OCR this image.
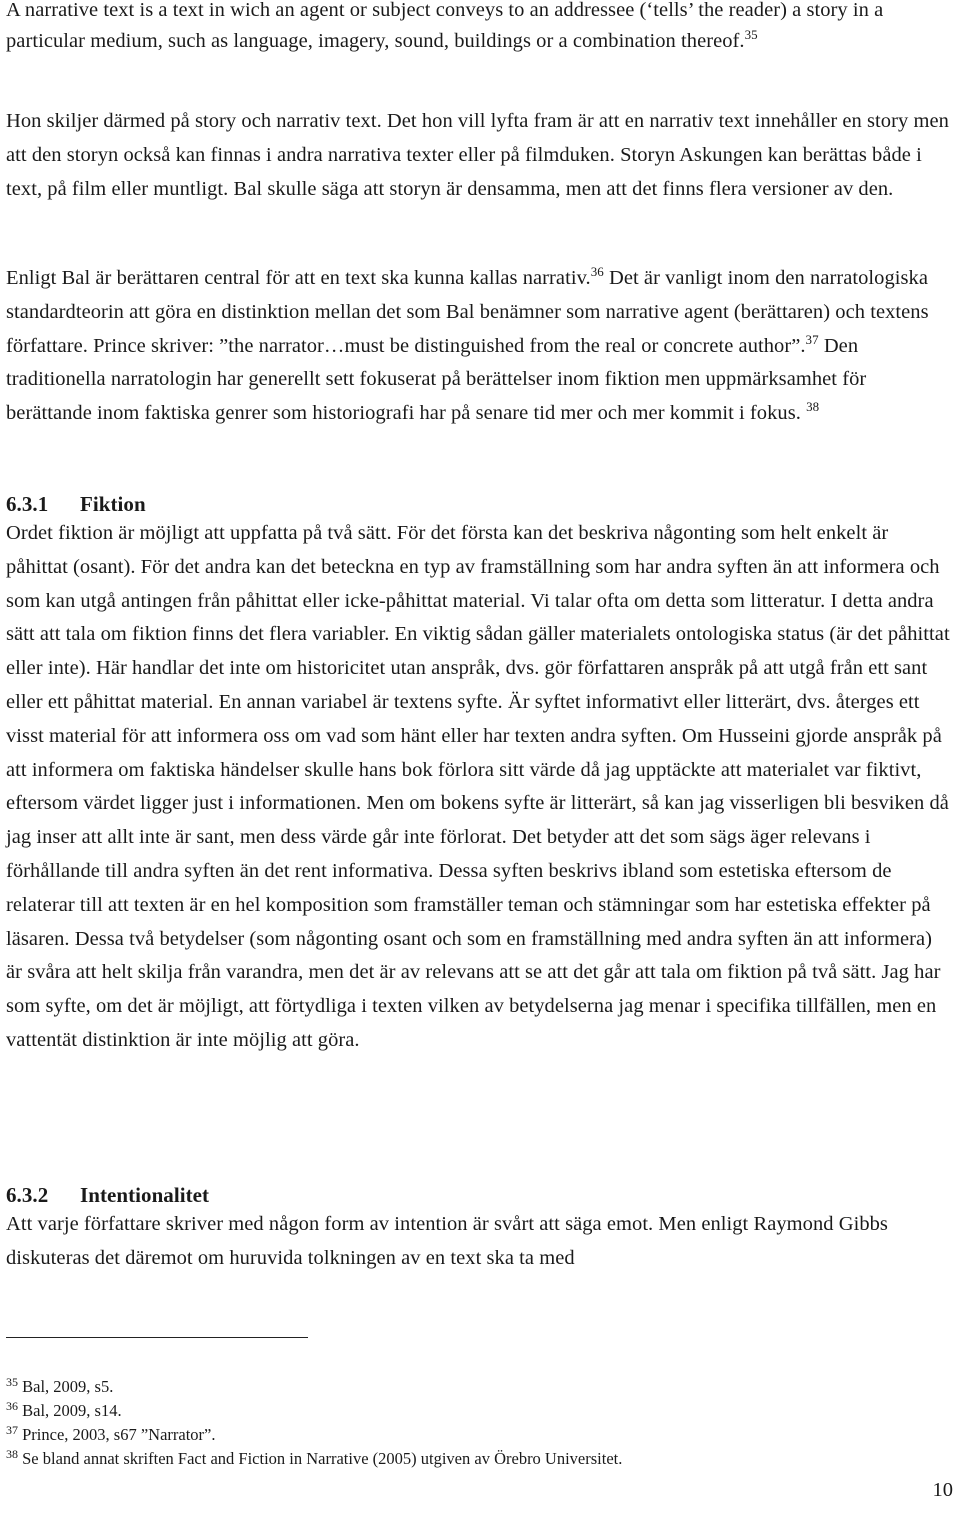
A narrative text is a text in wich an agent or subject conveys to an addressee (‘tells’ the reader) a story in a particular medium, such as language, imagery, sound, buildings or a combination thereof.$^{35}$

Hon skiljer därmed på story och narrativ text. Det hon vill lyfta fram är att en narrativ text innehåller en story men att den storyn också kan finnas i andra narrativa texter eller på filmduken. Storyn Askungen kan berättas både i text, på film eller muntligt. Bal skulle säga att storyn är densamma, men att det finns flera versioner av den.

Enligt Bal är berättaren central för att en text ska kunna kallas narrativ.$^{36}$ Det är vanligt inom den narratologiska standardteorin att göra en distinktion mellan det som Bal benämner som narrative agent (berättaren) och textens författare. Prince skriver: ”the narrator…must be distinguished from the real or concrete author”.$^{37}$ Den traditionella narratologin har generellt sett fokuserat på berättelser inom fiktion men uppmärksamhet för berättande inom faktiska genrer som historiografi har på senare tid mer och mer kommit i fokus. $^{38}$

6.3.1 Fiktion

Ordet fiktion är möjligt att uppfatta på två sätt. För det första kan det beskriva någonting som helt enkelt är påhittat (osant). För det andra kan det beteckna en typ av framställning som har andra syften än att informera och som kan utgå antingen från påhittat eller icke-påhittat material. Vi talar ofta om detta som litteratur. I detta andra sätt att tala om fiktion finns det flera variabler. En viktig sådan gäller materialets ontologiska status (är det påhittat eller inte). Här handlar det inte om historicitet utan anspråk, dvs. gör författaren anspråk på att utgå från ett sant eller ett påhittat material. En annan variabel är textens syfte. Är syftet informativt eller litterärt, dvs. återges ett visst material för att informera oss om vad som hänt eller har texten andra syften. Om Husseini gjorde anspråk på att informera om faktiska händelser skulle hans bok förlora sitt värde då jag upptäckte att materialet var fiktivt, eftersom värdet ligger just i informationen. Men om bokens syfte är litterärt, så kan jag visserligen bli besviken då jag inser att allt inte är sant, men dess värde går inte förlorat. Det betyder att det som sägs äger relevans i förhållande till andra syften än det rent informativa. Dessa syften beskrivs ibland som estetiska eftersom de relaterar till att texten är en hel komposition som framställer teman och stämningar som har estetiska effekter på läsaren. Dessa två betydelser (som någonting osant och som en framställning med andra syften än att informera) är svåra att helt skilja från varandra, men det är av relevans att se att det går att tala om fiktion på två sätt. Jag har som syfte, om det är möjligt, att förtydliga i texten vilken av betydelserna jag menar i specifika tillfällen, men en vattentät distinktion är inte möjlig att göra.

6.3.2 Intentionalitet

Att varje författare skriver med någon form av intention är svårt att säga emot. Men enligt Raymond Gibbs diskuteras det däremot om huruvida tolkningen av en text ska ta med

$^{35}$ Bal, 2009, s5.

$^{36}$ Bal, 2009, s14.

$^{37}$ Prince, 2003, s67 ”Narrator”.

$^{38}$ Se bland annat skriften Fact and Fiction in Narrative (2005) utgiven av Örebro Universitet.

10
